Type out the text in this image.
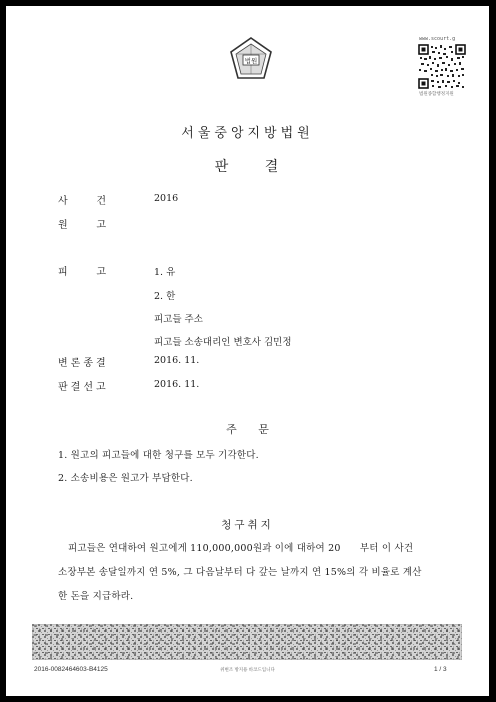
법원
www.scourt.g
법원종합행정지원
서울중앙지방법원
판 결
사	건	2016
원	고
피	고	1. 유
2. 한
피고들 주소
피고들 소송대리인 변호사 김민정
변론종결	2016. 11.
판결선고	2016. 11.
주 문
1. 원고의 피고들에 대한 청구를 모두 기각한다.
2. 소송비용은 원고가 부담한다.
청구취지
피고들은 연대하여 원고에게 110,000,000원과 이에 대하여 20      부터 이 사건
소장부본 송달일까지 연 5%, 그 다음날부터 다 갚는 날까지 연 15%의 각 비율로 계산
한 돈을 지급하라.
2016-0082464603-B4125	위변조 방지용 바코드입니다	1 / 3
